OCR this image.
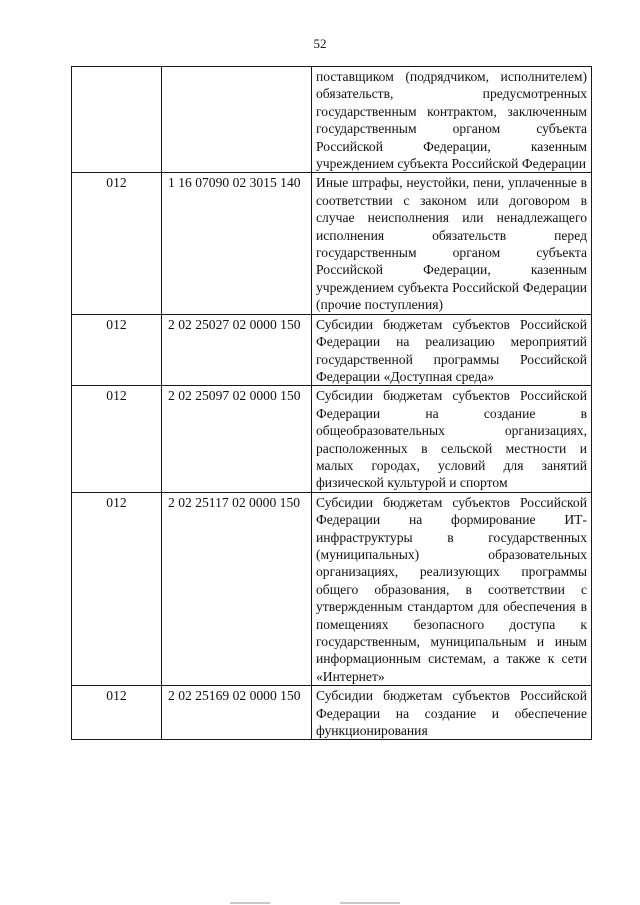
52
		поставщиком (подрядчиком, исполнителем) обязательств, предусмотренных государственным контрактом, заключенным государственным органом субъекта Российской Федерации, казенным учреждением субъекта Российской Федерации
012	1 16 07090 02 3015 140	Иные штрафы, неустойки, пени, уплаченные в соответствии с законом или договором в случае неисполнения или ненадлежащего исполнения обязательств перед государственным органом субъекта Российской Федерации, казенным учреждением субъекта Российской Федерации (прочие поступления)
012	2 02 25027 02 0000 150	Субсидии бюджетам субъектов Российской Федерации на реализацию мероприятий государственной программы Российской Федерации «Доступная среда»
012	2 02 25097 02 0000 150	Субсидии бюджетам субъектов Российской Федерации на создание в общеобразовательных организациях, расположенных в сельской местности и малых городах, условий для занятий физической культурой и спортом
012	2 02 25117 02 0000 150	Субсидии бюджетам субъектов Российской Федерации на формирование ИТ-инфраструктуры в государственных (муниципальных) образовательных организациях, реализующих программы общего образования, в соответствии с утвержденным стандартом для обеспечения в помещениях безопасного доступа к государственным, муниципальным и иным информационным системам, а также к сети «Интернет»
012	2 02 25169 02 0000 150	Субсидии бюджетам субъектов Российской Федерации на создание и обеспечение функционирования
